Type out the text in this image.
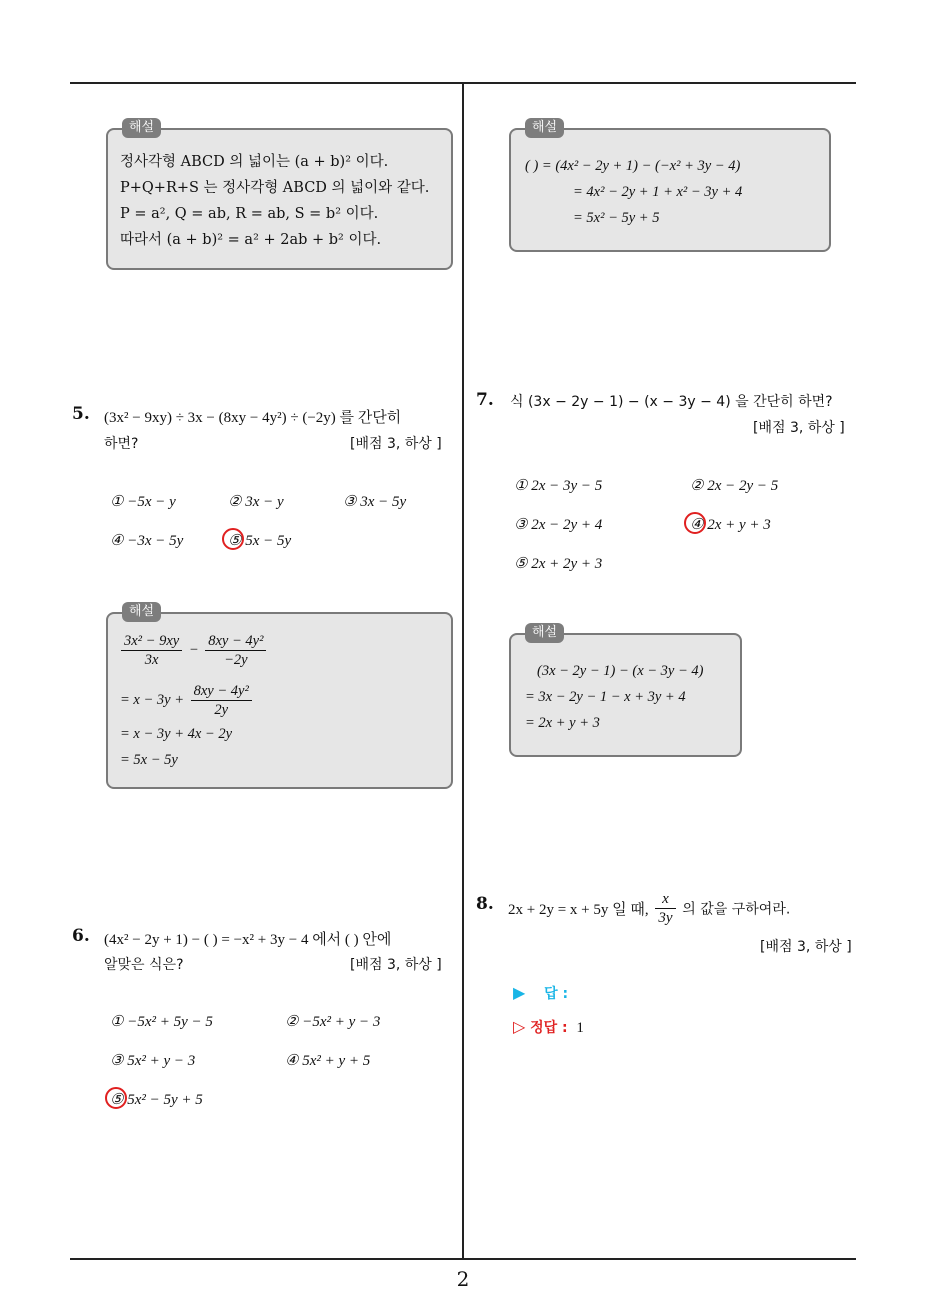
2
해설
정사각형 ABCD 의 넓이는 (a + b)² 이다.
P+Q+R+S 는 정사각형 ABCD 의 넓이와 같다.
P = a², Q = ab, R = ab, S = b² 이다.
따라서 (a + b)² = a² + 2ab + b² 이다.
5. (3x² − 9xy) ÷ 3x − (8xy − 4y²) ÷ (−2y) 를 간단히
하면?	[배점 3, 하상 ]
① −5x − y	② 3x − y	③ 3x − 5y
④ −3x − 5y	⑤ 5x − 5y
해설
$\frac{\text{3x² − 9xy}}{3x} - \frac{\text{8xy − 4y²}}{-2y}$
= $x - 3y + \frac{\text{8xy − 4y²}}{2y}$
= x − 3y + 4x − 2y
= 5x − 5y
6. (4x² − 2y + 1) − ( ) = −x² + 3y − 4 에서 ( ) 안에
알맞은 식은?	[배점 3, 하상 ]
① −5x² + 5y − 5	② −5x² + y − 3
③ 5x² + y − 3	④ 5x² + y + 5
⑤ 5x² − 5y + 5
해설
( ) = (4x² − 2y + 1) − (−x² + 3y − 4)
= 4x² − 2y + 1 + x² − 3y + 4
= 5x² − 5y + 5
7. 식 (3x − 2y − 1) − (x − 3y − 4) 을 간단히 하면?
[배점 3, 하상 ]
① 2x − 3y − 5	② 2x − 2y − 5
③ 2x − 2y + 4	④ 2x + y + 3
⑤ 2x + 2y + 3
해설
(3x − 2y − 1) − (x − 3y − 4)
= 3x − 2y − 1 − x + 3y + 4
= 2x + y + 3
8. 2x + 2y = x + 5y 일 때, $\frac{x}{3y}$ 의 값을 구하여라.
[배점 3, 하상 ]
▶ 답 :
▷ 정답 : 1
